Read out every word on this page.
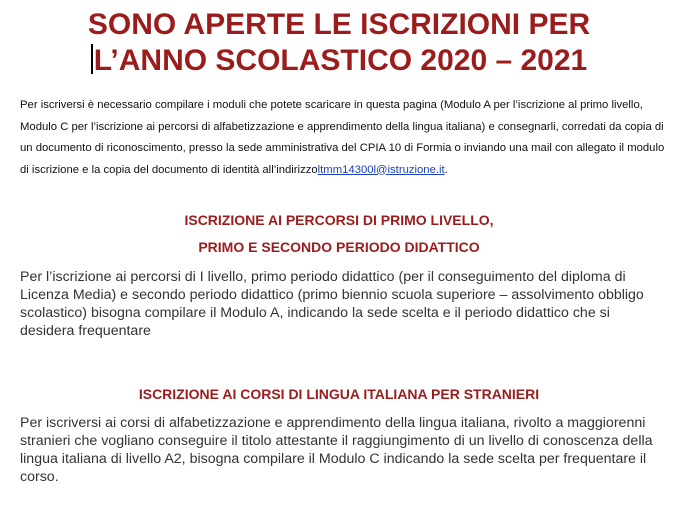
SONO APERTE LE ISCRIZIONI PER
L’ANNO SCOLASTICO 2020 – 2021

Per iscriversi è necessario compilare i moduli che potete scaricare in questa pagina (Modulo A per l’iscrizione al primo livello, Modulo C per l’iscrizione ai percorsi di alfabetizzazione e apprendimento della lingua italiana) e consegnarli, corredati da copia di un documento di riconoscimento, presso la sede amministrativa del CPIA 10 di Formia o inviando una mail con allegato il modulo di iscrizione e la copia del documento di identità all’indirizzoltmm14300l@istruzione.it.

ISCRIZIONE AI PERCORSI DI PRIMO LIVELLO,
PRIMO E SECONDO PERIODO DIDATTICO

Per l’iscrizione ai percorsi di I livello, primo periodo didattico (per il conseguimento del diploma di Licenza Media) e secondo periodo didattico (primo biennio scuola superiore – assolvimento obbligo scolastico) bisogna compilare il Modulo A, indicando la sede scelta e il periodo didattico che si desidera frequentare

ISCRIZIONE AI CORSI DI LINGUA ITALIANA PER STRANIERI

Per iscriversi ai corsi di alfabetizzazione e apprendimento della lingua italiana, rivolto a maggiorenni stranieri che vogliano conseguire il titolo attestante il raggiungimento di un livello di conoscenza della lingua italiana di livello A2, bisogna compilare il Modulo C indicando la sede scelta per frequentare il corso.
